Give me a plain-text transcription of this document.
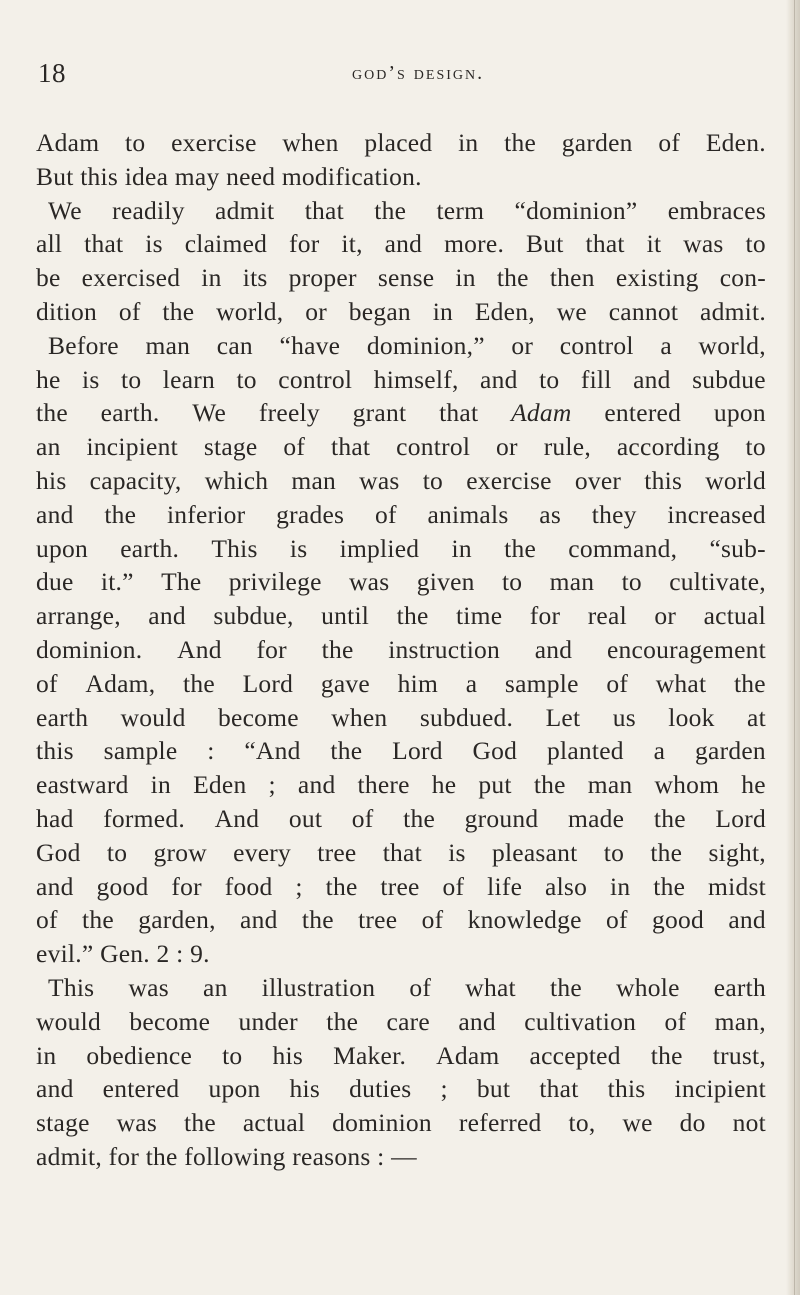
18	god’s design.
Adam to exercise when placed in the garden of Eden.
But this idea may need modification.
We readily admit that the term “dominion” embraces
all that is claimed for it, and more. But that it was to
be exercised in its proper sense in the then existing con-
dition of the world, or began in Eden, we cannot admit.
Before man can “have dominion,” or control a world,
he is to learn to control himself, and to fill and subdue
the earth. We freely grant that Adam entered upon
an incipient stage of that control or rule, according to
his capacity, which man was to exercise over this world
and the inferior grades of animals as they increased
upon earth. This is implied in the command, “sub-
due it.” The privilege was given to man to cultivate,
arrange, and subdue, until the time for real or actual
dominion. And for the instruction and encouragement
of Adam, the Lord gave him a sample of what the
earth would become when subdued. Let us look at
this sample : “And the Lord God planted a garden
eastward in Eden ; and there he put the man whom he
had formed. And out of the ground made the Lord
God to grow every tree that is pleasant to the sight,
and good for food ; the tree of life also in the midst
of the garden, and the tree of knowledge of good and
evil.” Gen. 2 : 9.
This was an illustration of what the whole earth
would become under the care and cultivation of man,
in obedience to his Maker. Adam accepted the trust,
and entered upon his duties ; but that this incipient
stage was the actual dominion referred to, we do not
admit, for the following reasons : —
